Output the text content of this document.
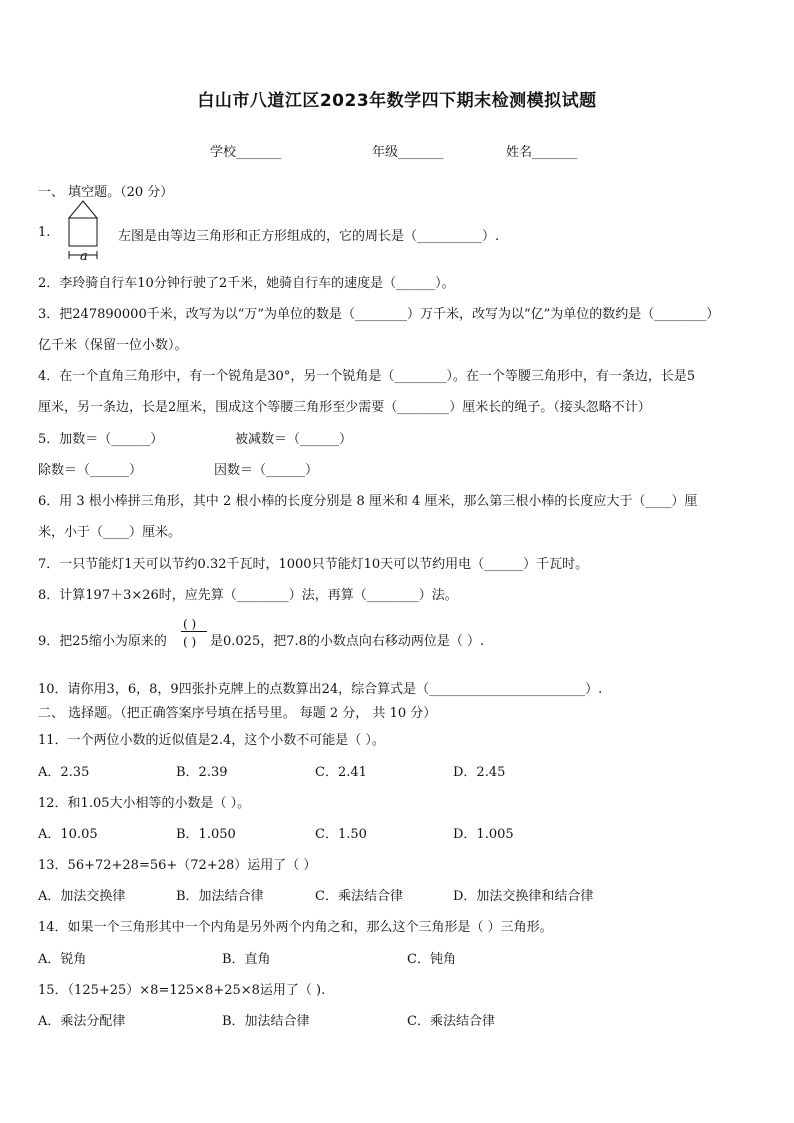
白山市八道江区2023年数学四下期末检测模拟试题
学校_______	年级_______	姓名_______
一、 填空题。（20 分）
1.
a
左图是由等边三角形和正方形组成的，它的周长是（__________）.
2．李玲骑自行车10分钟行驶了2千米，她骑自行车的速度是（______）。
3．把247890000千米，改写为以“万”为单位的数是（________）万千米，改写为以“亿”为单位的数约是（________）
亿千米（保留一位小数）。
4．在一个直角三角形中，有一个锐角是30°，另一个锐角是（________）。在一个等腰三角形中，有一条边，长是5
厘米，另一条边，长是2厘米，围成这个等腰三角形至少需要（________）厘米长的绳子。（接头忽略不计）
5．加数＝（______）	被减数＝（______）
除数＝（______）	因数＝（______）
6．用 3 根小棒拼三角形，其中 2 根小棒的长度分别是 8 厘米和 4 厘米，那么第三根小棒的长度应大于（____）厘
米，小于（____）厘米。
7．一只节能灯1天可以节约0.32千瓦时，1000只节能灯10天可以节约用电（______）千瓦时。
8．计算197＋3×26时，应先算（________）法，再算（________）法。
9．把25缩小为原来的
( )
( ) 是0.025，把7.8的小数点向右移动两位是（ ）.
10．请你用3，6，8，9四张扑克牌上的点数算出24，综合算式是（________________________）.
二、 选择题。（把正确答案序号填在括号里。 每题 2 分， 共 10 分）
11．一个两位小数的近似值是2.4，这个小数不可能是（ ）。
A．2.35	B．2.39	C．2.41	D．2.45
12．和1.05大小相等的小数是（ ）。
A．10.05	B．1.050	C．1.50	D．1.005
13．56+72+28=56+（72+28）运用了（ ）
A．加法交换律	B．加法结合律	C．乘法结合律	D．加法交换律和结合律
14．如果一个三角形其中一个内角是另外两个内角之和，那么这个三角形是（ ）三角形。
A．锐角	B．直角	C．钝角
15．（125+25）×8=125×8+25×8运用了（ ).
A．乘法分配律	B．加法结合律	C．乘法结合律
